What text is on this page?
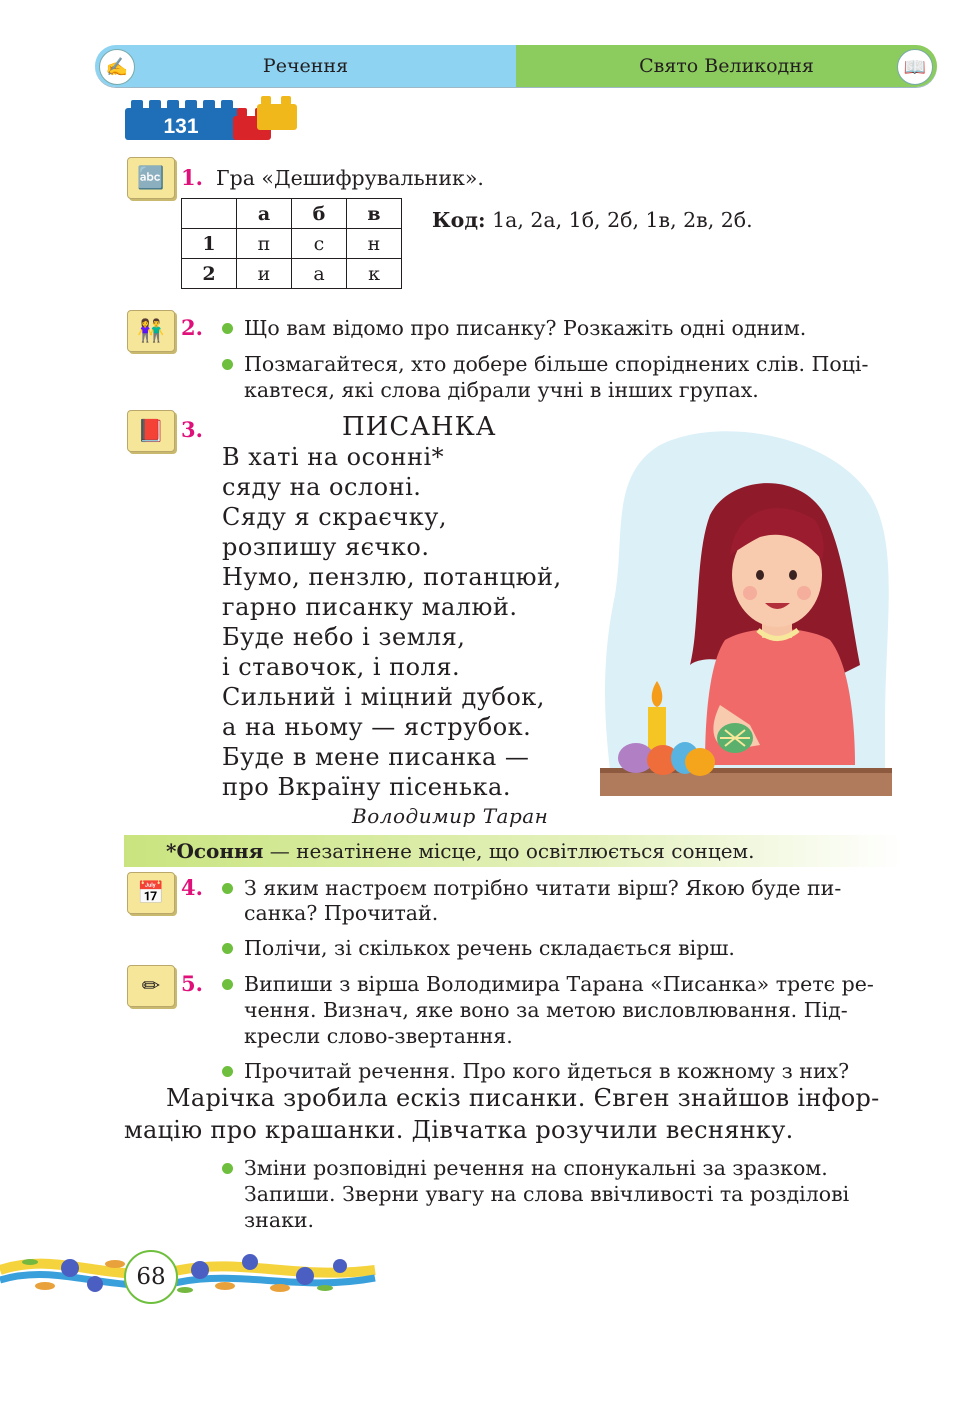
✍	Речення	Свято Великодня	📖
131
🔤 1. Гра «Дешифрувальник».
	а	б	в
1	п	с	н
2	и	а	к
Код: 1а, 2а, 1б, 2б, 1в, 2в, 2б.
👫 2. Що вам відомо про писанку? Розкажіть одні одним.
Позмагайтеся, хто добере більше споріднених слів. Поці-
кавтеся, які слова дібрали учні в інших групах.
📕 3.	ПИСАНКА
В хаті на осонні*
сяду на ослоні.
Сяду я скраєчку,
розпишу яєчко.
Нумо, пензлю, потанцюй,
гарно писанку малюй.
Буде небо і земля,
і ставочок, і поля.
Сильний і міцний дубок,
а на ньому — яструбок.
Буде в мене писанка —
про Вкраїну пісенька.
Володимир Таран
*Осоння — незатінене місце, що освітлюється сонцем.
📅 4. З яким настроєм потрібно читати вірш? Якою буде пи-
санка? Прочитай.
Полічи, зі скількох речень складається вірш.
✏ 5. Випиши з вірша Володимира Тарана «Писанка» третє ре-
чення. Визнач, яке воно за метою висловлювання. Під-
кресли слово-звертання.
Прочитай речення. Про кого йдеться в кожному з них?
Марічка зробила ескіз писанки. Євген знайшов інфор-
мацію про крашанки. Дівчатка розучили веснянку.
Зміни розповідні речення на спонукальні за зразком.
Запиши. Зверни увагу на слова ввічливості та розділові
знаки.
68
